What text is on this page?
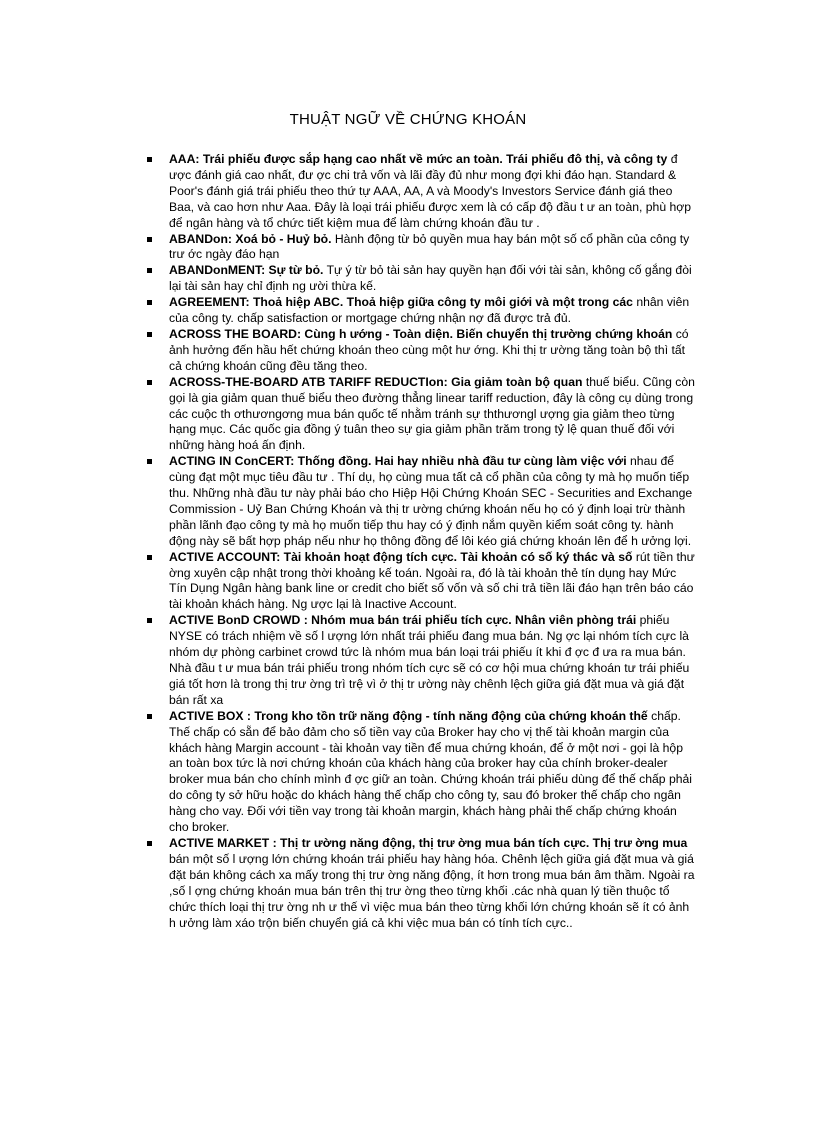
THUẬT NGỮ VỀ CHỨNG KHOÁN
AAA: Trái phiếu được sắp hạng cao nhất về mức an toàn. Trái phiếu đô thị, và công ty đ ược đánh giá cao nhất, đư ợc chi trả vốn và lãi đầy đủ như mong đợi khi đáo hạn. Standard & Poor's đánh giá trái phiếu theo thứ tự AAA, AA, A và Moody's Investors Service đánh giá theo Baa, và cao hơn như Aaa. Đây là loại trái phiếu được xem là có cấp độ đầu t ư an toàn, phù hợp để ngân hàng và tổ chức tiết kiệm mua để làm chứng khoán đầu tư .
ABANDon: Xoá bỏ - Huỷ bỏ. Hành động từ bỏ quyền mua hay bán một số cổ phần của công ty trư ớc ngày đáo hạn
ABANDonMENT: Sự từ bỏ. Tự ý từ bỏ tài sản hay quyền hạn đối với tài sản, không cố gắng đòi lại tài sản hay chỉ định ng ười thừa kế.
AGREEMENT: Thoả hiệp ABC. Thoả hiệp giữa công ty môi giới và một trong các nhân viên của công ty. chấp satisfaction or mortgage chứng nhận nợ đã được trả đủ.
ACROSS THE BOARD: Cùng h ướng - Toàn diện. Biến chuyển thị trường chứng khoán có ảnh hưởng đến hầu hết chứng khoán theo cùng một hư ớng. Khi thị tr ường tăng toàn bộ thì tất cả chứng khoán cũng đều tăng theo.
ACROSS-THE-BOARD ATB TARIFF REDUCTIon: Gia giảm toàn bộ quan thuế biểu. Cũng còn gọi là gia giảm quan thuế biểu theo đường thẳng linear tariff reduction, đây là công cụ dùng trong các cuộc th ơthươngơng mua bán quốc tế nhằm tránh sự ththươngl ượng gia giảm theo từng hạng mục. Các quốc gia đồng ý tuân theo sự gia giảm phần trăm trong tỷ lệ quan thuế đối với những hàng hoá ấn định.
ACTING IN ConCERT: Thống đồng. Hai hay nhiều nhà đầu tư cùng làm việc với nhau để cùng đạt một mục tiêu đầu tư . Thí dụ, họ cùng mua tất cả cổ phần của công ty mà họ muốn tiếp thu. Những nhà đầu tư này phải báo cho Hiệp Hội Chứng Khoán SEC - Securities and Exchange Commission - Uỷ Ban Chứng Khoán và thị tr ường chứng khoán nếu họ có ý định loại trừ thành phần lãnh đạo công ty mà họ muốn tiếp thu hay có ý định nắm quyền kiểm soát công ty. hành động này sẽ bất hợp pháp nếu như họ thông đồng để lôi kéo giá chứng khoán lên để h ưởng lợi.
ACTIVE ACCOUNT: Tài khoản hoạt động tích cực. Tài khoản có số ký thác và số rút tiền thư ờng xuyên cập nhật trong thời khoảng kế toán. Ngoài ra, đó là tài khoản thẻ tín dụng hay Mức Tín Dụng Ngân hàng bank line or credit cho biết số vốn và số chi trả tiền lãi đáo hạn trên báo cáo tài khoản khách hàng. Ng ược lại là Inactive Account.
ACTIVE BonD CROWD : Nhóm mua bán trái phiếu tích cực. Nhân viên phòng trái phiếu NYSE có trách nhiệm về số l ượng lớn nhất trái phiếu đang mua bán. Ng ợc lại nhóm tích cực là nhóm dự phòng carbinet crowd tức là nhóm mua bán loại trái phiếu ít khi đ ợc đ ưa ra mua bán. Nhà đầu t ư mua bán trái phiếu trong nhóm tích cực sẽ có cơ hội mua chứng khoán tư trái phiếu giá tốt hơn là trong thị trư ờng trì trệ vì ở thị tr ường này chênh lệch giữa giá đặt mua và giá đặt bán rất xa
ACTIVE BOX : Trong kho tồn trữ năng động - tính năng động của chứng khoán thế chấp. Thế chấp có sẵn để bảo đảm cho số tiền vay của Broker hay cho vị thế tài khoản margin của khách hàng Margin account - tài khoản vay tiền để mua chứng khoán, để ở một nơi - gọi là hộp an toàn box tức là nơi chứng khoán của khách hàng của broker hay của chính broker-dealer broker mua bán cho chính mình đ ợc giữ an toàn. Chứng khoán trái phiếu dùng để thế chấp phải do công ty sở hữu hoặc do khách hàng thế chấp cho công ty, sau đó broker thế chấp cho ngân hàng cho vay. Đối với tiền vay trong tài khoản margin, khách hàng phải thế chấp chứng khoán cho broker.
ACTIVE MARKET : Thị tr ường năng động, thị trư ờng mua bán tích cực. Thị trư ờng mua bán một số l ượng lớn chứng khoán trái phiếu hay hàng hóa. Chênh lệch giữa giá đặt mua và giá đặt bán không cách xa mấy trong thị trư ờng năng động, ít hơn trong mua bán âm thầm. Ngoài ra ,số l ợng chứng khoán mua bán trên thị trư ờng theo từng khối .các nhà quan lý tiền thuộc tổ chức thích loại thị trư ờng nh ư thế vì việc mua bán theo từng khối lớn chứng khoán sẽ ít có ảnh h ưởng làm xáo trộn biến chuyển giá cả khi việc mua bán có tính tích cực..
